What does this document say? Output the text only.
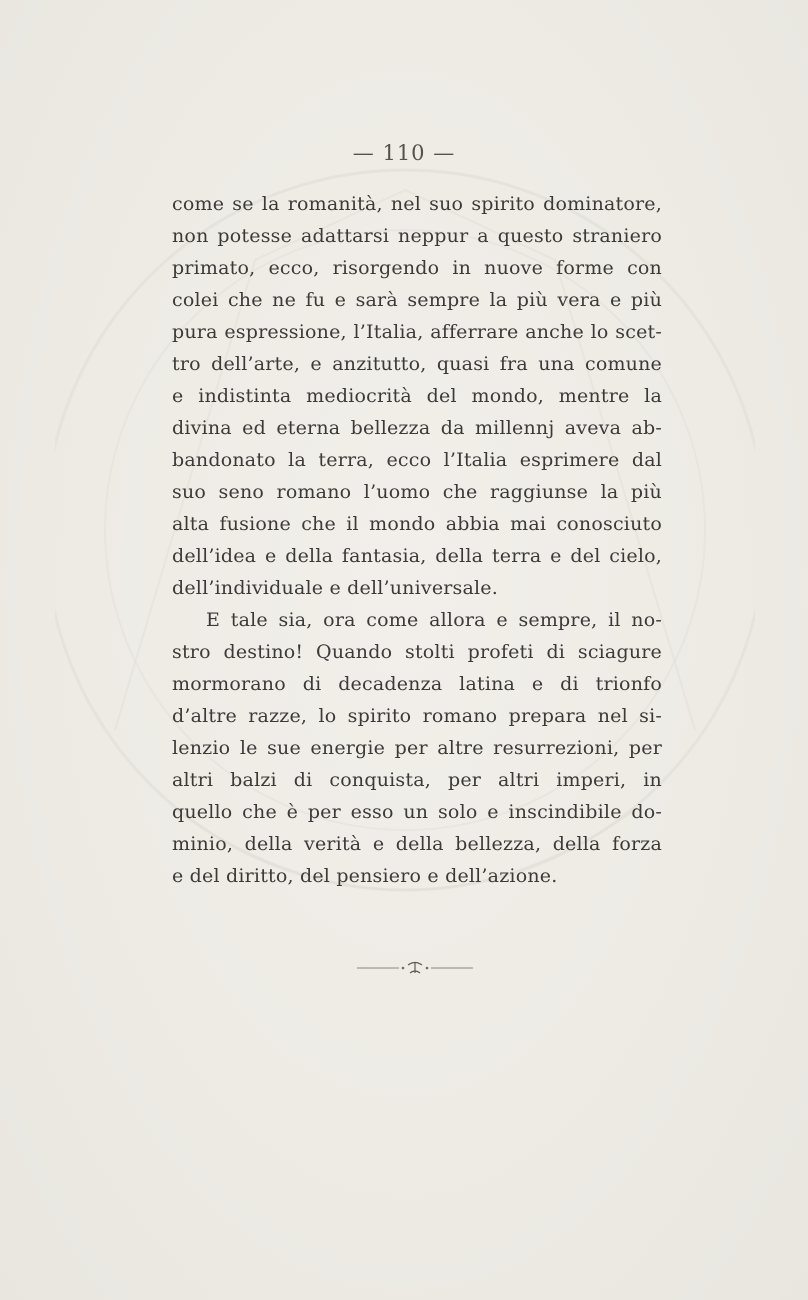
— 110 —
come se la romanità, nel suo spirito dominatore,
non potesse adattarsi neppur a questo straniero
primato, ecco, risorgendo in nuove forme con
colei che ne fu e sarà sempre la più vera e più
pura espressione, l’Italia, afferrare anche lo scet-
tro dell’arte, e anzitutto, quasi fra una comune
e indistinta mediocrità del mondo, mentre la
divina ed eterna bellezza da millennj aveva ab-
bandonato la terra, ecco l’Italia esprimere dal
suo seno romano l’uomo che raggiunse la più
alta fusione che il mondo abbia mai conosciuto
dell’idea e della fantasia, della terra e del cielo,
dell’individuale e dell’universale.
E tale sia, ora come allora e sempre, il no-
stro destino! Quando stolti profeti di sciagure
mormorano di decadenza latina e di trionfo
d’altre razze, lo spirito romano prepara nel si-
lenzio le sue energie per altre resurrezioni, per
altri balzi di conquista, per altri imperi, in
quello che è per esso un solo e inscindibile do-
minio, della verità e della bellezza, della forza
e del diritto, del pensiero e dell’azione.
